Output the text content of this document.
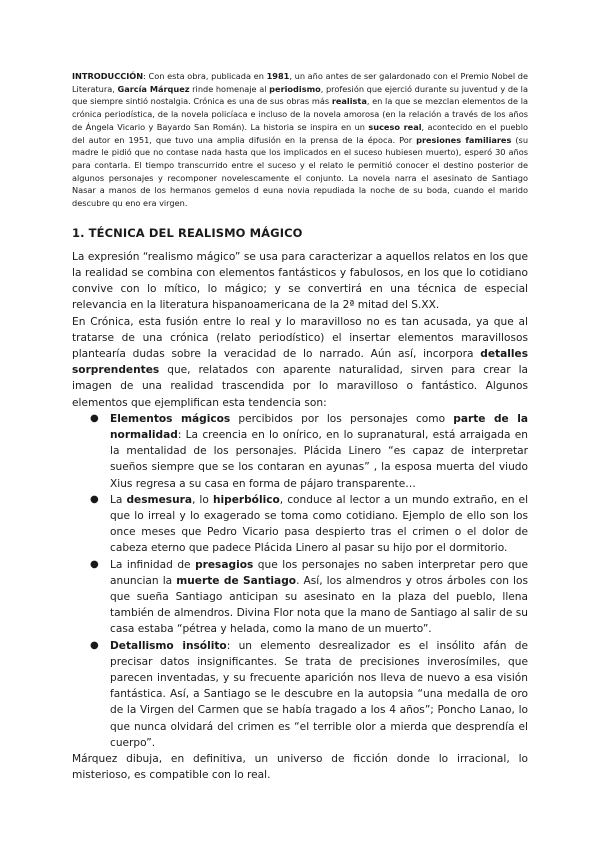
INTRODUCCIÓN: Con esta obra, publicada en 1981, un año antes de ser galardonado con el Premio Nobel de Literatura, García Márquez rinde homenaje al periodismo, profesión que ejerció durante su juventud y de la que siempre sintió nostalgia. Crónica es una de sus obras más realista, en la que se mezclan elementos de la crónica periodística, de la novela policíaca e incluso de la novela amorosa (en la relación a través de los años de Ángela Vicario y Bayardo San Román). La historia se inspira en un suceso real, acontecido en el pueblo del autor en 1951, que tuvo una amplia difusión en la prensa de la época. Por presiones familiares (su madre le pidió que no contase nada hasta que los implicados en el suceso hubiesen muerto), esperó 30 años para contarla. El tiempo transcurrido entre el suceso y el relato le permitió conocer el destino posterior de algunos personajes y recomponer novelescamente el conjunto. La novela narra el asesinato de Santiago Nasar a manos de los hermanos gemelos d euna novia repudiada la noche de su boda, cuando el marido descubre qu eno era virgen.

1. TÉCNICA DEL REALISMO MÁGICO

La expresión “realismo mágico” se usa para caracterizar a aquellos relatos en los que la realidad se combina con elementos fantásticos y fabulosos, en los que lo cotidiano convive con lo mítico, lo mágico; y se convertirá en una técnica de especial relevancia en la literatura hispanoamericana de la 2ª mitad del S.XX.

En Crónica, esta fusión entre lo real y lo maravilloso no es tan acusada, ya que al tratarse de una crónica (relato periodístico) el insertar elementos maravillosos plantearía dudas sobre la veracidad de lo narrado. Aún así, incorpora detalles sorprendentes que, relatados con aparente naturalidad, sirven para crear la imagen de una realidad trascendida por lo maravilloso o fantástico. Algunos elementos que ejemplifican esta tendencia son:

● Elementos mágicos percibidos por los personajes como parte de la normalidad: La creencia en lo onírico, en lo supranatural, está arraigada en la mentalidad de los personajes. Plácida Linero “es capaz de interpretar sueños siempre que se los contaran en ayunas” , la esposa muerta del viudo Xius regresa a su casa en forma de pájaro transparente…
● La desmesura, lo hiperbólico, conduce al lector a un mundo extraño, en el que lo irreal y lo exagerado se toma como cotidiano. Ejemplo de ello son los once meses que Pedro Vicario pasa despierto tras el crimen o el dolor de cabeza eterno que padece Plácida Linero al pasar su hijo por el dormitorio.
● La infinidad de presagios que los personajes no saben interpretar pero que anuncian la muerte de Santiago. Así, los almendros y otros árboles con los que sueña Santiago anticipan su asesinato en la plaza del pueblo, llena también de almendros. Divina Flor nota que la mano de Santiago al salir de su casa estaba “pétrea y helada, como la mano de un muerto”.
● Detallismo insólito: un elemento desrealizador es el insólito afán de precisar datos insignificantes. Se trata de precisiones inverosímiles, que parecen inventadas, y su frecuente aparición nos lleva de nuevo a esa visión fantástica. Así, a Santiago se le descubre en la autopsia “una medalla de oro de la Virgen del Carmen que se había tragado a los 4 años”; Poncho Lanao, lo que nunca olvidará del crimen es “el terrible olor a mierda que desprendía el cuerpo”.

Márquez dibuja, en definitiva, un universo de ficción donde lo irracional, lo misterioso, es compatible con lo real.
